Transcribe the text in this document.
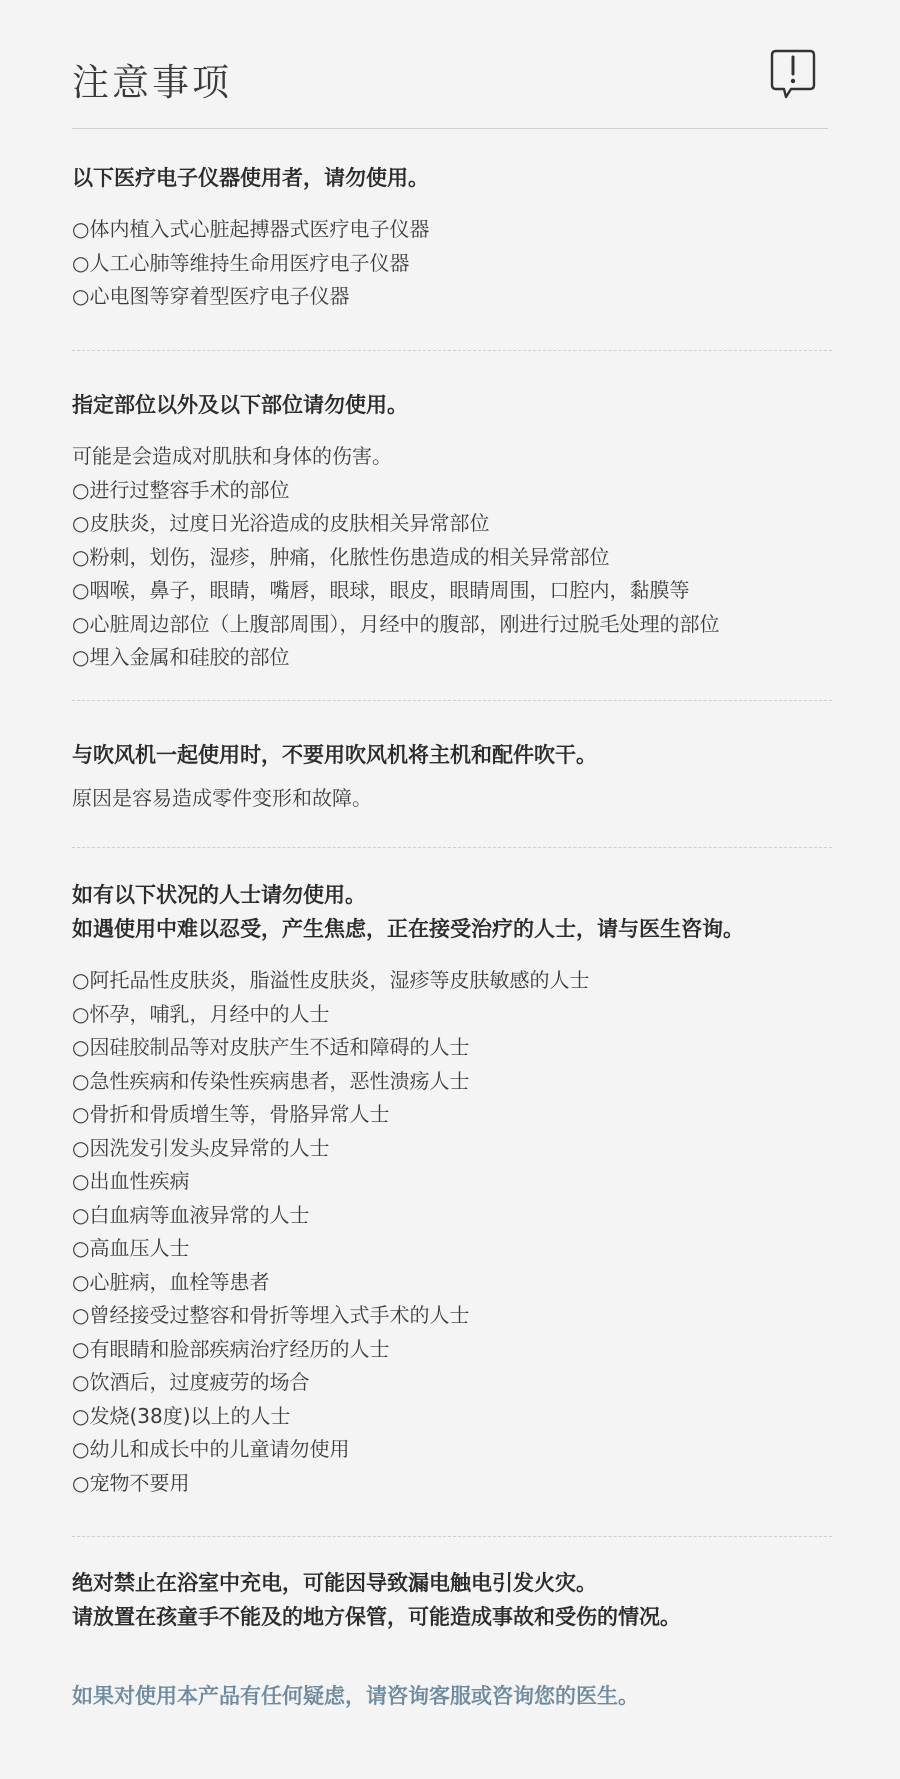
注意事项
以下医疗电子仪器使用者，请勿使用。
○体内植入式心脏起搏器式医疗电子仪器
○人工心肺等维持生命用医疗电子仪器
○心电图等穿着型医疗电子仪器
指定部位以外及以下部位请勿使用。
可能是会造成对肌肤和身体的伤害。
○进行过整容手术的部位
○皮肤炎，过度日光浴造成的皮肤相关异常部位
○粉刺，划伤，湿疹，肿痛，化脓性伤患造成的相关异常部位
○咽喉，鼻子，眼睛，嘴唇，眼球，眼皮，眼睛周围，口腔内，黏膜等
○心脏周边部位（上腹部周围），月经中的腹部，刚进行过脱毛处理的部位
○埋入金属和硅胶的部位
与吹风机一起使用时，不要用吹风机将主机和配件吹干。
原因是容易造成零件变形和故障。
如有以下状况的人士请勿使用。
如遇使用中难以忍受，产生焦虑，正在接受治疗的人士，请与医生咨询。
○阿托品性皮肤炎，脂溢性皮肤炎，湿疹等皮肤敏感的人士
○怀孕，哺乳，月经中的人士
○因硅胶制品等对皮肤产生不适和障碍的人士
○急性疾病和传染性疾病患者，恶性溃疡人士
○骨折和骨质增生等，骨胳异常人士
○因洗发引发头皮异常的人士
○出血性疾病
○白血病等血液异常的人士
○高血压人士
○心脏病，血栓等患者
○曾经接受过整容和骨折等埋入式手术的人士
○有眼睛和脸部疾病治疗经历的人士
○饮酒后，过度疲劳的场合
○发烧(38度)以上的人士
○幼儿和成长中的儿童请勿使用
○宠物不要用
绝对禁止在浴室中充电，可能因导致漏电触电引发火灾。
请放置在孩童手不能及的地方保管，可能造成事故和受伤的情况。
如果对使用本产品有任何疑虑，请咨询客服或咨询您的医生。
